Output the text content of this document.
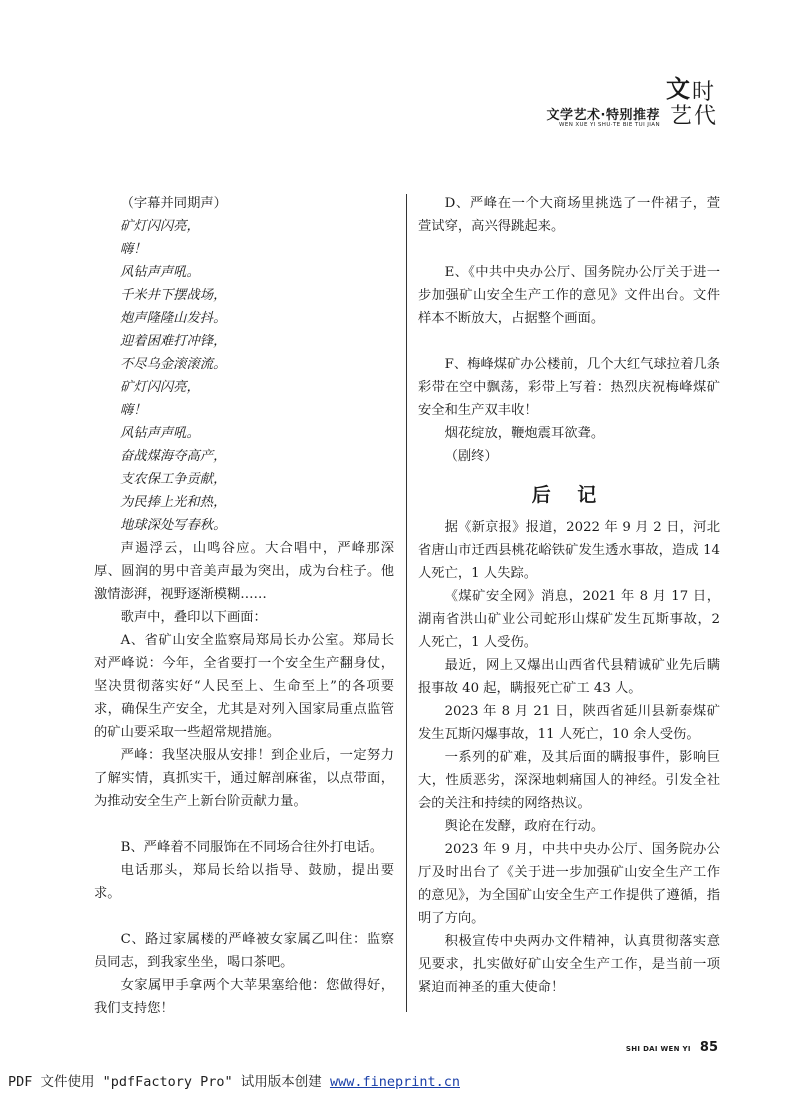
文学艺术·特别推荐
WEN XUE YI SHU·TE BIE TUI JIAN
文 时
艺 代

（字幕并同期声）

矿灯闪闪亮，

嗨！

风钻声声吼。

千米井下摆战场，

炮声隆隆山发抖。

迎着困难打冲锋，

不尽乌金滚滚流。

矿灯闪闪亮，

嗨！

风钻声声吼。

奋战煤海夺高产，

支农保工争贡献，

为民捧上光和热，

地球深处写春秋。

声遏浮云，山鸣谷应。大合唱中，严峰那深厚、圆润的男中音美声最为突出，成为台柱子。他激情澎湃，视野逐渐模糊……

歌声中，叠印以下画面：

A、省矿山安全监察局郑局长办公室。郑局长对严峰说：今年，全省要打一个安全生产翻身仗，坚决贯彻落实好“人民至上、生命至上”的各项要求，确保生产安全，尤其是对列入国家局重点监管的矿山要采取一些超常规措施。

严峰：我坚决服从安排！到企业后，一定努力了解实情，真抓实干，通过解剖麻雀，以点带面，为推动安全生产上新台阶贡献力量。

B、严峰着不同服饰在不同场合往外打电话。

电话那头，郑局长给以指导、鼓励，提出要求。

C、路过家属楼的严峰被女家属乙叫住：监察员同志，到我家坐坐，喝口茶吧。

女家属甲手拿两个大苹果塞给他：您做得好，我们支持您！

D、严峰在一个大商场里挑选了一件裙子，萱萱试穿，高兴得跳起来。

E、《中共中央办公厅、国务院办公厅关于进一步加强矿山安全生产工作的意见》文件出台。文件样本不断放大，占据整个画面。

F、梅峰煤矿办公楼前，几个大红气球拉着几条彩带在空中飘荡，彩带上写着：热烈庆祝梅峰煤矿安全和生产双丰收！

烟花绽放，鞭炮震耳欲聋。

（剧终）

后 记

据《新京报》报道，2022 年 9 月 2 日，河北省唐山市迁西县桃花峪铁矿发生透水事故，造成 14 人死亡，1 人失踪。

《煤矿安全网》消息，2021 年 8 月 17 日，湖南省洪山矿业公司蛇形山煤矿发生瓦斯事故，2 人死亡，1 人受伤。

最近，网上又爆出山西省代县精诚矿业先后瞒报事故 40 起，瞒报死亡矿工 43 人。

2023 年 8 月 21 日，陕西省延川县新泰煤矿发生瓦斯闪爆事故，11 人死亡，10 余人受伤。

一系列的矿难，及其后面的瞒报事件，影响巨大，性质恶劣，深深地刺痛国人的神经。引发全社会的关注和持续的网络热议。

舆论在发酵，政府在行动。

2023 年 9 月，中共中央办公厅、国务院办公厅及时出台了《关于进一步加强矿山安全生产工作的意见》，为全国矿山安全生产工作提供了遵循，指明了方向。

积极宣传中央两办文件精神，认真贯彻落实意见要求，扎实做好矿山安全生产工作，是当前一项紧迫而神圣的重大使命！

SHI DAI WEN YI 85
PDF 文件使用 "pdfFactory Pro" 试用版本创建 www.fineprint.cn
